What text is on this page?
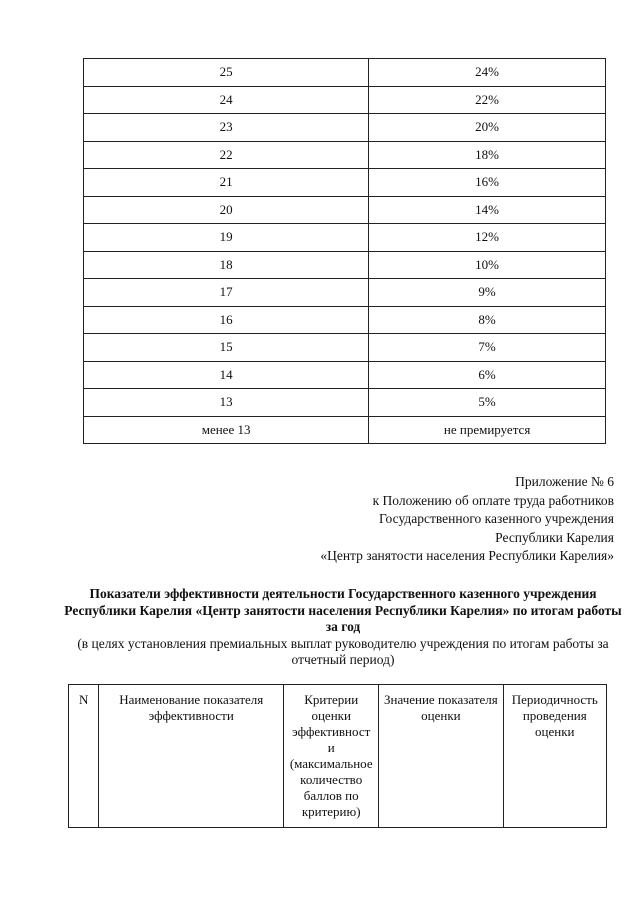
25	24%
24	22%
23	20%
22	18%
21	16%
20	14%
19	12%
18	10%
17	9%
16	8%
15	7%
14	6%
13	5%
менее 13	не премируется
Приложение № 6
к Положению об оплате труда работников
Государственного казенного учреждения
Республики Карелия
«Центр занятости населения Республики Карелия»
Показатели эффективности деятельности Государственного казенного учреждения Республики Карелия «Центр занятости населения Республики Карелия» по итогам работы за год
(в целях установления премиальных выплат руководителю учреждения по итогам работы за отчетный период)
N	Наименование показателя эффективности	Критерии
оценки
эффективност
и
(максимальное
количество
баллов по
критерию)	Значение показателя оценки	Периодичность проведения оценки
